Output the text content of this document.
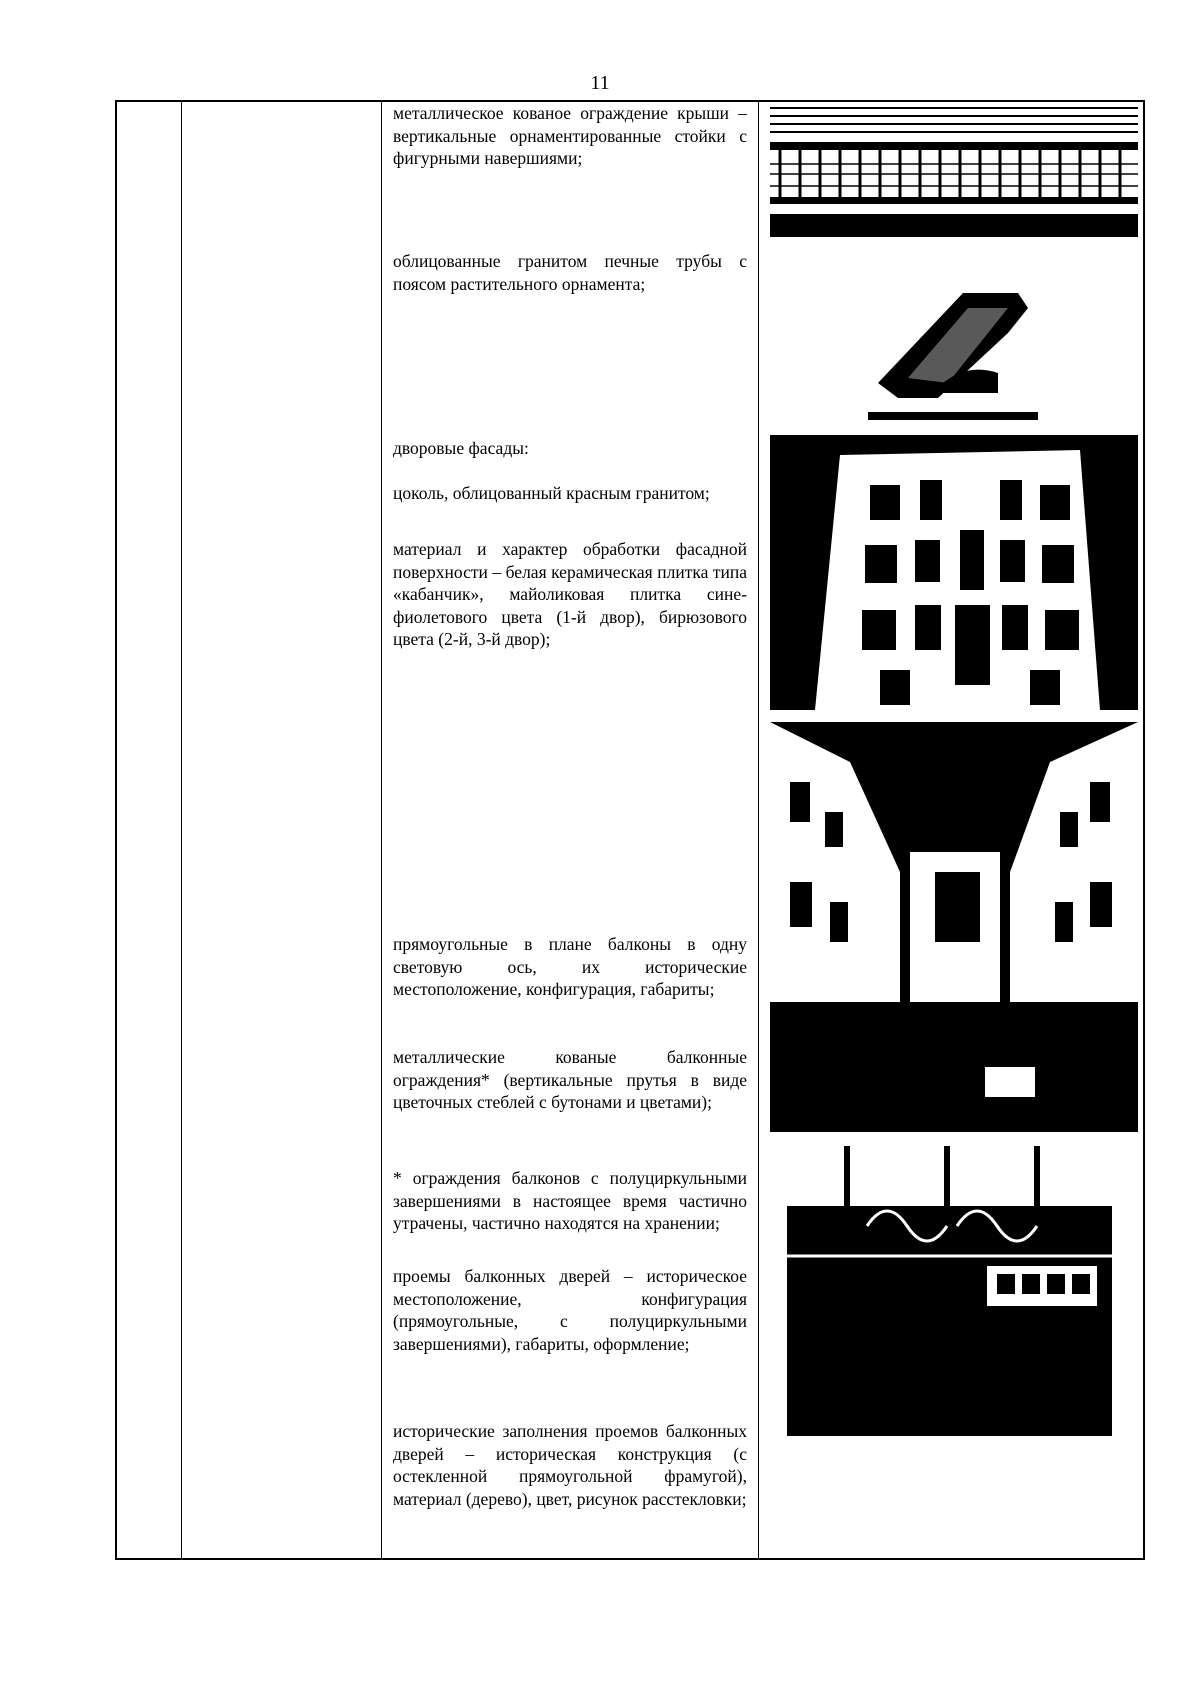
11
металлическое кованое ограждение крыши – вертикальные орнаментированные стойки с фигурными навершиями;
облицованные гранитом печные трубы с поясом растительного орнамента;
дворовые фасады:
цоколь, облицованный красным гранитом;
материал и характер обработки фасадной поверхности – белая керамическая плитка типа «кабанчик», майоликовая плитка сине-фиолетового цвета (1-й двор), бирюзового цвета (2-й, 3-й двор);
прямоугольные в плане балконы в одну световую ось, их исторические местоположение, конфигурация, габариты;
металлические кованые балконные ограждения* (вертикальные прутья в виде цветочных стеблей с бутонами и цветами);
* ограждения балконов с полуциркульными завершениями в настоящее время частично утрачены, частично находятся на хранении;
проемы балконных дверей – историческое местоположение, конфигурация (прямоугольные, с полуциркульными завершениями), габариты, оформление;
исторические заполнения проемов балконных дверей – историческая конструкция (с остекленной прямоугольной фрамугой), материал (дерево), цвет, рисунок расстекловки;
